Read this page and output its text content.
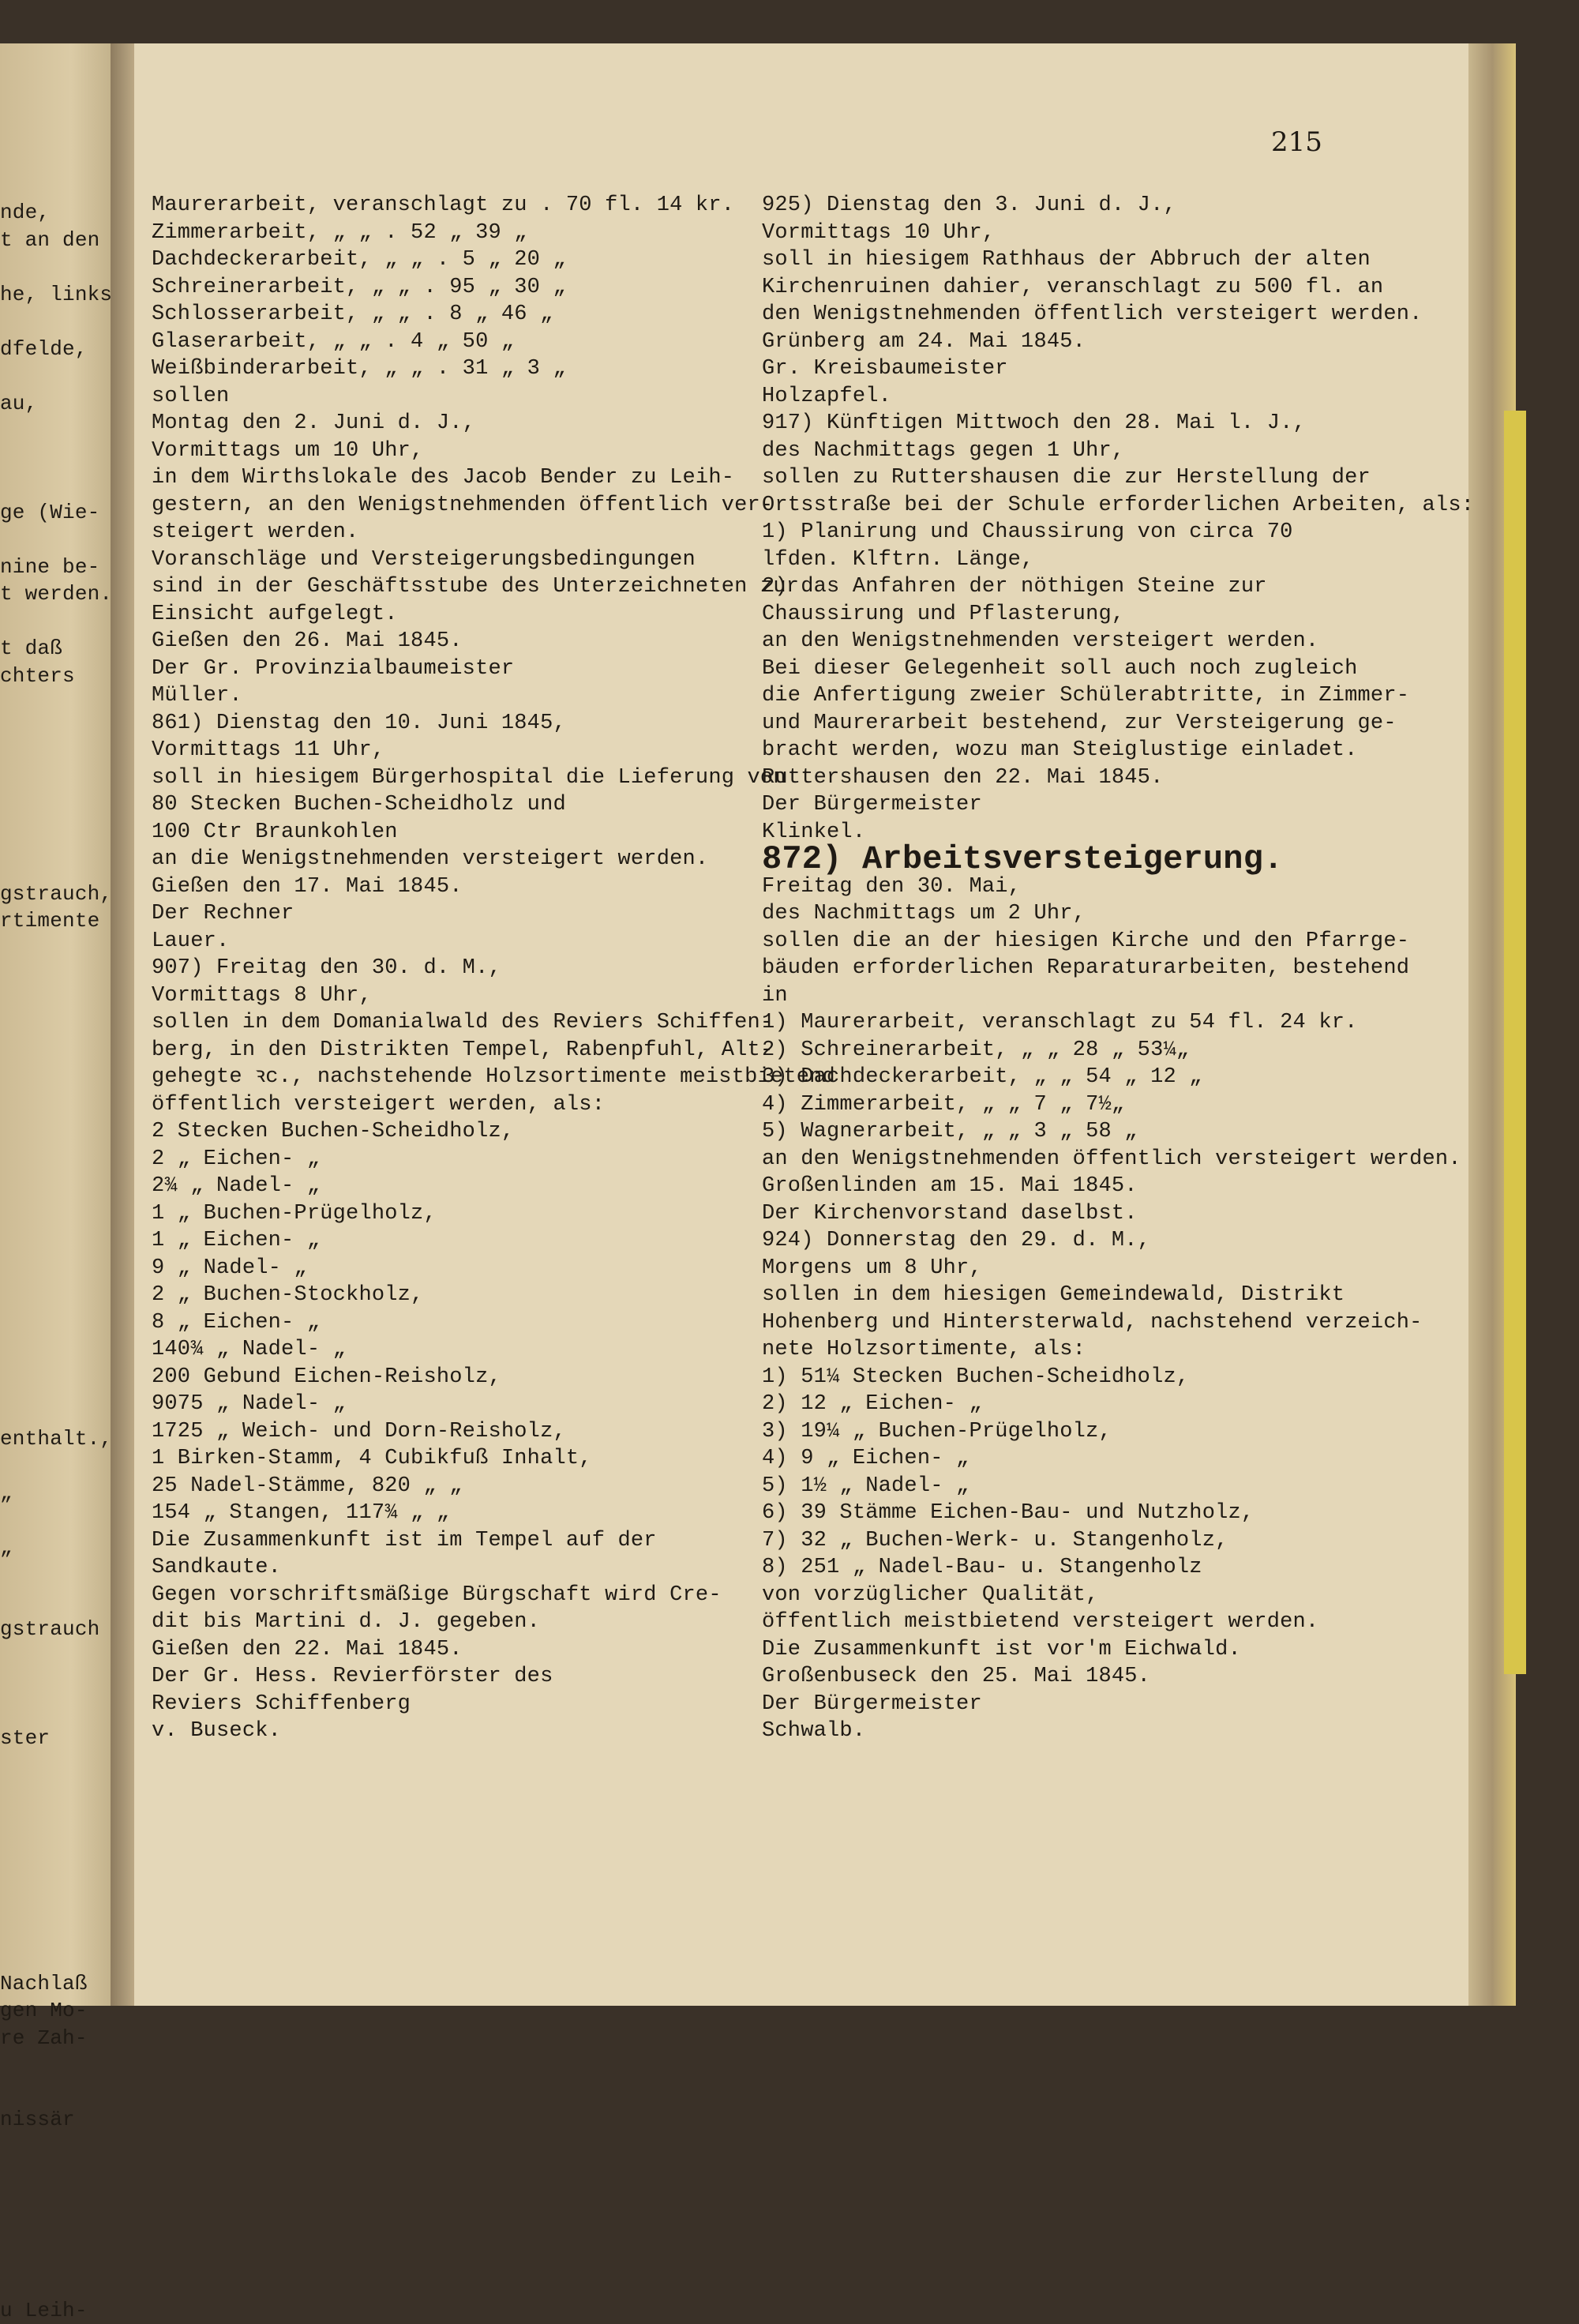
215
nde,
t an den
he, links
dfelde,
au,
ge (Wie-
nine be-
t werden.
t daß
chters
gstrauch,
rtimente
enthalt.,
„
„
gstrauch
ster
Nachlaß
gen Mo-
re Zah-
nissär
u Leih-
Maurerarbeit, veranschlagt zu . 70 fl. 14 kr.
Zimmerarbeit, „ „ . 52 „ 39 „
Dachdeckerarbeit, „ „ . 5 „ 20 „
Schreinerarbeit, „ „ . 95 „ 30 „
Schlosserarbeit, „ „ . 8 „ 46 „
Glaserarbeit, „ „ . 4 „ 50 „
Weißbinderarbeit, „ „ . 31 „ 3 „
sollen
Montag den 2. Juni d. J.,
Vormittags um 10 Uhr,
in dem Wirthslokale des Jacob Bender zu Leih-
gestern, an den Wenigstnehmenden öffentlich ver-
steigert werden.
Voranschläge und Versteigerungsbedingungen
sind in der Geschäftsstube des Unterzeichneten zur
Einsicht aufgelegt.
Gießen den 26. Mai 1845.
Der Gr. Provinzialbaumeister
Müller.
861) Dienstag den 10. Juni 1845,
Vormittags 11 Uhr,
soll in hiesigem Bürgerhospital die Lieferung von
80 Stecken Buchen-Scheidholz und
100 Ctr Braunkohlen
an die Wenigstnehmenden versteigert werden.
Gießen den 17. Mai 1845.
Der Rechner
Lauer.
907) Freitag den 30. d. M.,
Vormittags 8 Uhr,
sollen in dem Domanialwald des Reviers Schiffen-
berg, in den Distrikten Tempel, Rabenpfuhl, Alt-
gehegte ꝛc., nachstehende Holzsortimente meistbietend
öffentlich versteigert werden, als:
2 Stecken Buchen-Scheidholz,
2 „ Eichen- „
2¾ „ Nadel- „
1 „ Buchen-Prügelholz,
1 „ Eichen- „
9 „ Nadel- „
2 „ Buchen-Stockholz,
8 „ Eichen- „
140¾ „ Nadel- „
200 Gebund Eichen-Reisholz,
9075 „ Nadel- „
1725 „ Weich- und Dorn-Reisholz,
1 Birken-Stamm, 4 Cubikfuß Inhalt,
25 Nadel-Stämme, 820 „ „
154 „ Stangen, 117¾ „ „
Die Zusammenkunft ist im Tempel auf der
Sandkaute.
Gegen vorschriftsmäßige Bürgschaft wird Cre-
dit bis Martini d. J. gegeben.
Gießen den 22. Mai 1845.
Der Gr. Hess. Revierförster des
Reviers Schiffenberg
v. Buseck.
925) Dienstag den 3. Juni d. J.,
Vormittags 10 Uhr,
soll in hiesigem Rathhaus der Abbruch der alten
Kirchenruinen dahier, veranschlagt zu 500 fl. an
den Wenigstnehmenden öffentlich versteigert werden.
Grünberg am 24. Mai 1845.
Gr. Kreisbaumeister
Holzapfel.
917) Künftigen Mittwoch den 28. Mai l. J.,
des Nachmittags gegen 1 Uhr,
sollen zu Ruttershausen die zur Herstellung der
Ortsstraße bei der Schule erforderlichen Arbeiten, als:
1) Planirung und Chaussirung von circa 70
lfden. Klftrn. Länge,
2) das Anfahren der nöthigen Steine zur
Chaussirung und Pflasterung,
an den Wenigstnehmenden versteigert werden.
Bei dieser Gelegenheit soll auch noch zugleich
die Anfertigung zweier Schülerabtritte, in Zimmer-
und Maurerarbeit bestehend, zur Versteigerung ge-
bracht werden, wozu man Steiglustige einladet.
Ruttershausen den 22. Mai 1845.
Der Bürgermeister
Klinkel.
872) Arbeitsversteigerung.
Freitag den 30. Mai,
des Nachmittags um 2 Uhr,
sollen die an der hiesigen Kirche und den Pfarrge-
bäuden erforderlichen Reparaturarbeiten, bestehend
in
1) Maurerarbeit, veranschlagt zu 54 fl. 24 kr.
2) Schreinerarbeit, „ „ 28 „ 53¼„
3) Dachdeckerarbeit, „ „ 54 „ 12 „
4) Zimmerarbeit, „ „ 7 „ 7½„
5) Wagnerarbeit, „ „ 3 „ 58 „
an den Wenigstnehmenden öffentlich versteigert werden.
Großenlinden am 15. Mai 1845.
Der Kirchenvorstand daselbst.
924) Donnerstag den 29. d. M.,
Morgens um 8 Uhr,
sollen in dem hiesigen Gemeindewald, Distrikt
Hohenberg und Hintersterwald, nachstehend verzeich-
nete Holzsortimente, als:
1) 51¼ Stecken Buchen-Scheidholz,
2) 12 „ Eichen- „
3) 19¼ „ Buchen-Prügelholz,
4) 9 „ Eichen- „
5) 1½ „ Nadel- „
6) 39 Stämme Eichen-Bau- und Nutzholz,
7) 32 „ Buchen-Werk- u. Stangenholz,
8) 251 „ Nadel-Bau- u. Stangenholz
von vorzüglicher Qualität,
öffentlich meistbietend versteigert werden.
Die Zusammenkunft ist vor'm Eichwald.
Großenbuseck den 25. Mai 1845.
Der Bürgermeister
Schwalb.
